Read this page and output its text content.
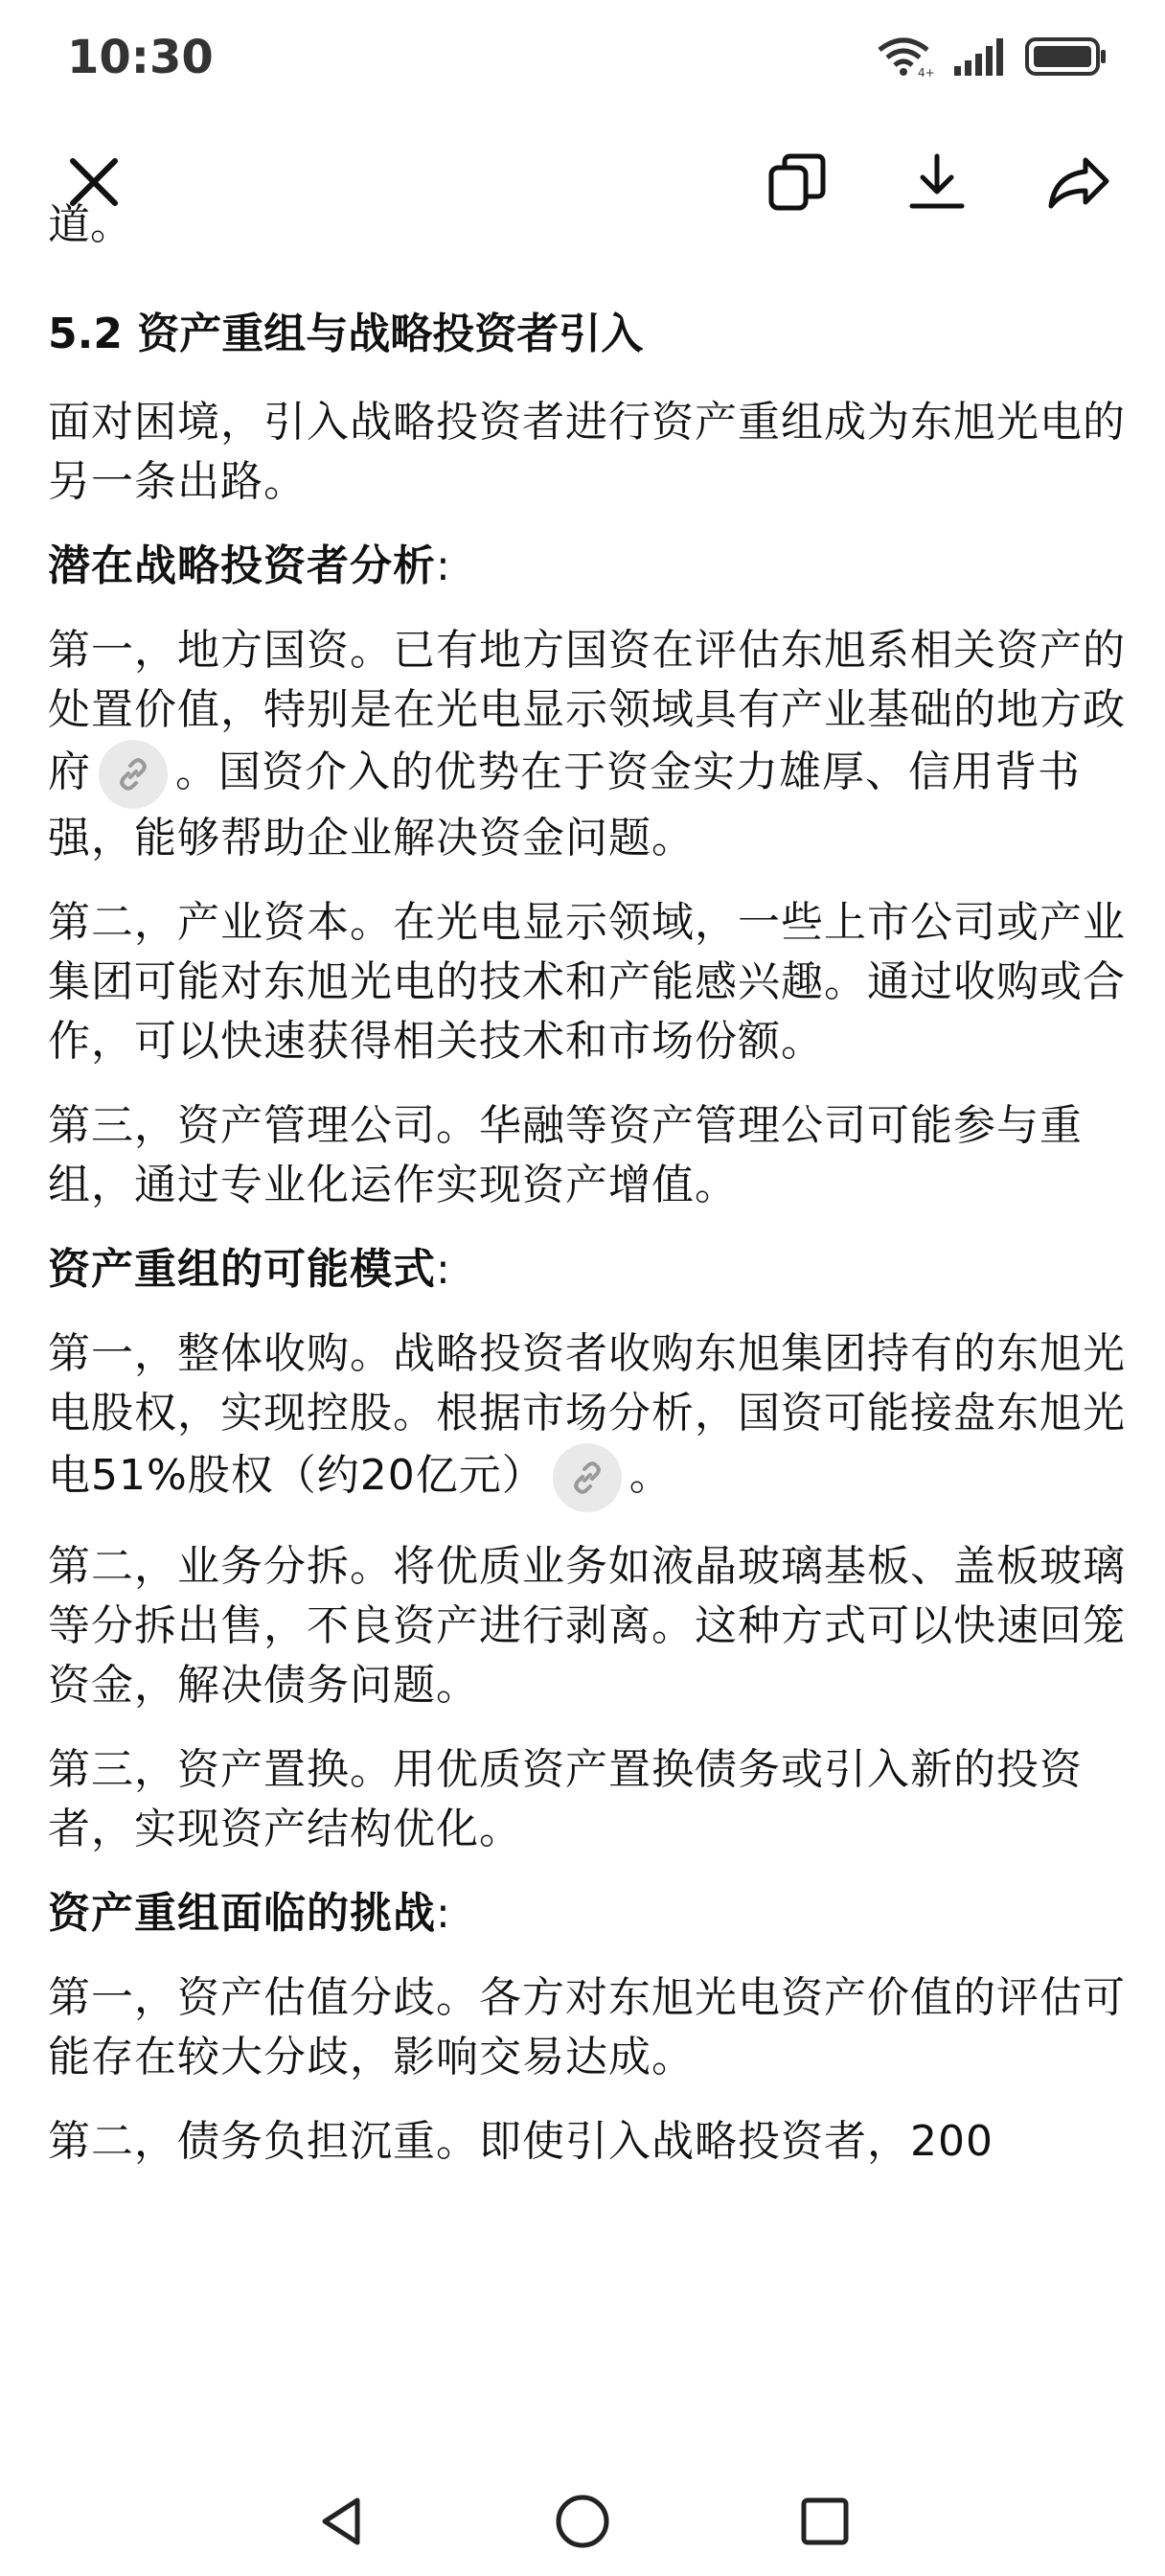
10:30	4+
道。
5.2 资产重组与战略投资者引入

面对困境，引入战略投资者进行资产重组成为东旭光电的另一条出路。

潜在战略投资者分析:

第一，地方国资。已有地方国资在评估东旭系相关资产的处置价值，特别是在光电显示领域具有产业基础的地方政府 。国资介入的优势在于资金实力雄厚、信用背书强，能够帮助企业解决资金问题。

第二，产业资本。在光电显示领域，一些上市公司或产业集团可能对东旭光电的技术和产能感兴趣。通过收购或合作，可以快速获得相关技术和市场份额。

第三，资产管理公司。华融等资产管理公司可能参与重组，通过专业化运作实现资产增值。

资产重组的可能模式:

第一，整体收购。战略投资者收购东旭集团持有的东旭光电股权，实现控股。根据市场分析，国资可能接盘东旭光电51%股权（约20亿元） 。

第二，业务分拆。将优质业务如液晶玻璃基板、盖板玻璃等分拆出售，不良资产进行剥离。这种方式可以快速回笼资金，解决债务问题。

第三，资产置换。用优质资产置换债务或引入新的投资者，实现资产结构优化。

资产重组面临的挑战:

第一，资产估值分歧。各方对东旭光电资产价值的评估可能存在较大分歧，影响交易达成。

第二，债务负担沉重。即使引入战略投资者，200
